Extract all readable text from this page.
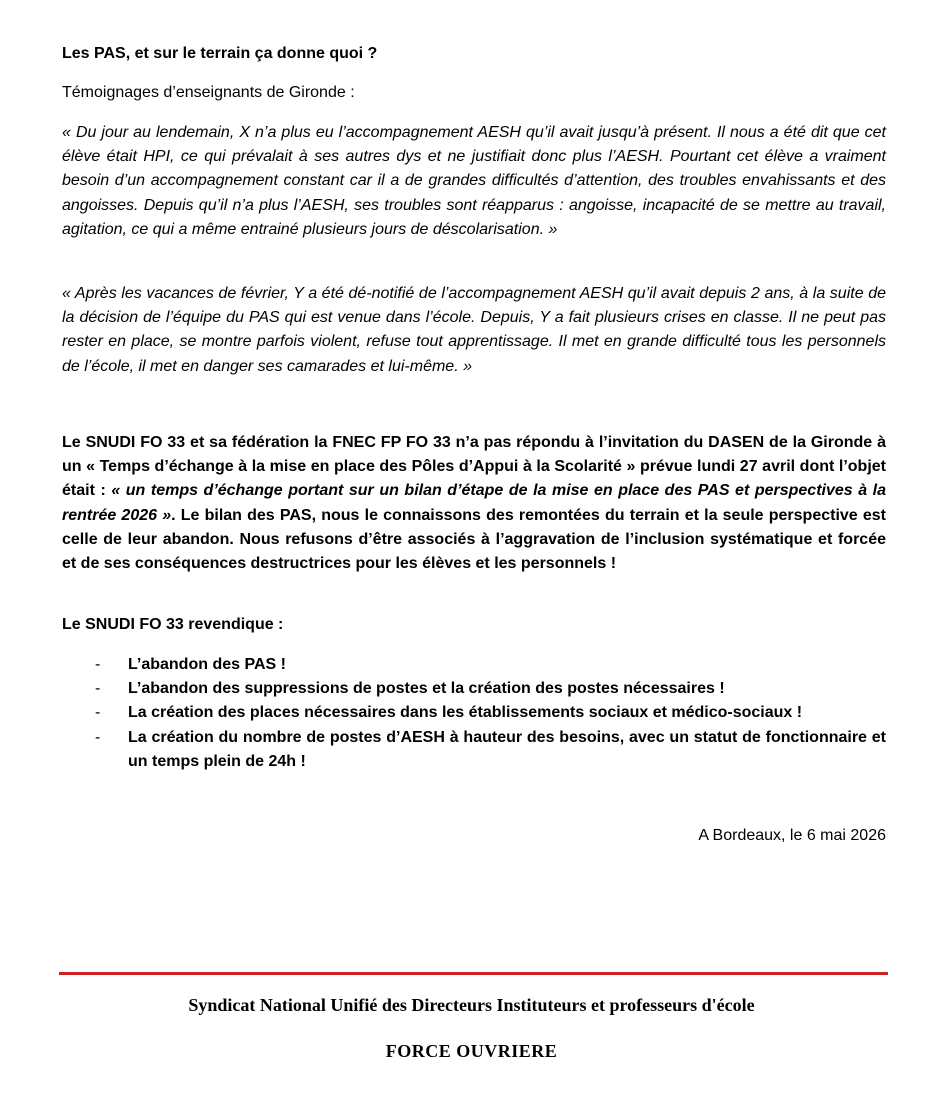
Les PAS, et sur le terrain ça donne quoi ?
Témoignages d’enseignants de Gironde :

« Du jour au lendemain, X n’a plus eu l’accompagnement AESH qu’il avait jusqu’à présent. Il nous a été dit que cet élève était HPI, ce qui prévalait à ses autres dys et ne justifiait donc plus l’AESH. Pourtant cet élève a vraiment besoin d’un accompagnement constant car il a de grandes difficultés d’attention, des troubles envahissants et des angoisses. Depuis qu’il n’a plus l’AESH, ses troubles sont réapparus : angoisse, incapacité de se mettre au travail, agitation, ce qui a même entrainé plusieurs jours de déscolarisation. »

« Après les vacances de février, Y a été dé-notifié de l’accompagnement AESH qu’il avait depuis 2 ans, à la suite de la décision de l’équipe du PAS qui est venue dans l’école. Depuis, Y a fait plusieurs crises en classe. Il ne peut pas rester en place, se montre parfois violent, refuse tout apprentissage. Il met en grande difficulté tous les personnels de l’école, il met en danger ses camarades et lui-même. »

Le SNUDI FO 33 et sa fédération la FNEC FP FO 33 n’a pas répondu à l’invitation du DASEN de la Gironde à un « Temps d’échange à la mise en place des Pôles d’Appui à la Scolarité » prévue lundi 27 avril dont l’objet était : « un temps d’échange portant sur un bilan d’étape de la mise en place des PAS et perspectives à la rentrée 2026 ». Le bilan des PAS, nous le connaissons des remontées du terrain et la seule perspective est celle de leur abandon. Nous refusons d’être associés à l’aggravation de l’inclusion systématique et forcée et de ses conséquences destructrices pour les élèves et les personnels !

Le SNUDI FO 33 revendique :
- L’abandon des PAS !
- L’abandon des suppressions de postes et la création des postes nécessaires !
- La création des places nécessaires dans les établissements sociaux et médico-sociaux !
- La création du nombre de postes d’AESH à hauteur des besoins, avec un statut de fonctionnaire et un temps plein de 24h !
A Bordeaux, le 6 mai 2026
Syndicat National Unifié des Directeurs Instituteurs et professeurs d'école
FORCE OUVRIERE
